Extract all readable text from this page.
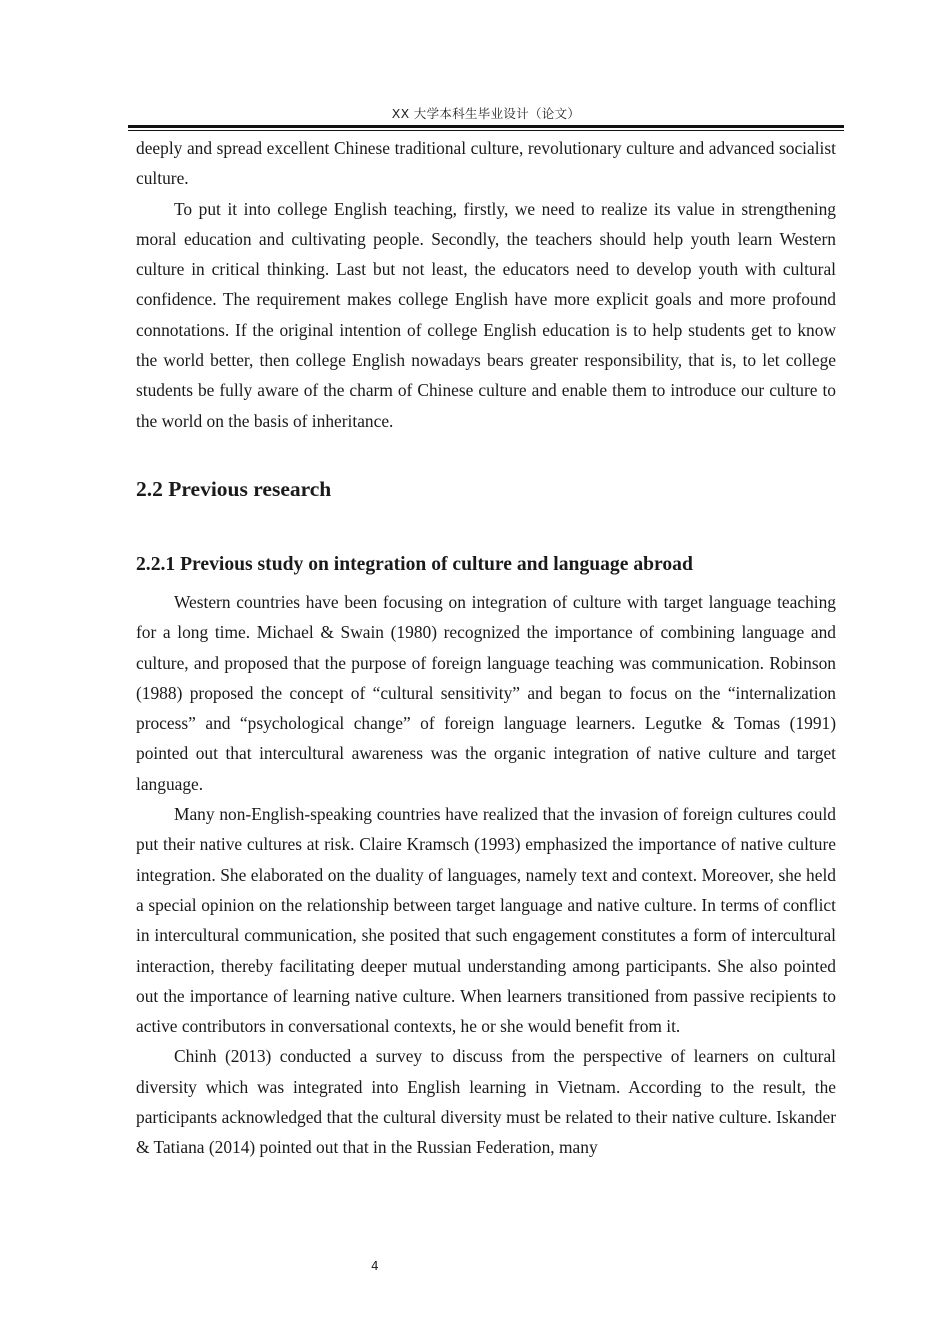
XX 大学本科生毕业设计（论文）

deeply and spread excellent Chinese traditional culture, revolutionary culture and advanced socialist culture.

To put it into college English teaching, firstly, we need to realize its value in strengthening moral education and cultivating people. Secondly, the teachers should help youth learn Western culture in critical thinking. Last but not least, the educators need to develop youth with cultural confidence. The requirement makes college English have more explicit goals and more profound connotations. If the original intention of college English education is to help students get to know the world better, then college English nowadays bears greater responsibility, that is, to let college students be fully aware of the charm of Chinese culture and enable them to introduce our culture to the world on the basis of inheritance.

2.2 Previous research
2.2.1 Previous study on integration of culture and language abroad

Western countries have been focusing on integration of culture with target language teaching for a long time. Michael & Swain (1980) recognized the importance of combining language and culture, and proposed that the purpose of foreign language teaching was communication. Robinson (1988) proposed the concept of “cultural sensitivity” and began to focus on the “internalization process” and “psychological change” of foreign language learners. Legutke & Tomas (1991) pointed out that intercultural awareness was the organic integration of native culture and target language.

Many non-English-speaking countries have realized that the invasion of foreign cultures could put their native cultures at risk. Claire Kramsch (1993) emphasized the importance of native culture integration. She elaborated on the duality of languages, namely text and context. Moreover, she held a special opinion on the relationship between target language and native culture. In terms of conflict in intercultural communication, she posited that such engagement constitutes a form of intercultural interaction, thereby facilitating deeper mutual understanding among participants. She also pointed out the importance of learning native culture. When learners transitioned from passive recipients to active contributors in conversational contexts, he or she would benefit from it.

Chinh (2013) conducted a survey to discuss from the perspective of learners on cultural diversity which was integrated into English learning in Vietnam. According to the result, the participants acknowledged that the cultural diversity must be related to their native culture. Iskander & Tatiana (2014) pointed out that in the Russian Federation, many

4
